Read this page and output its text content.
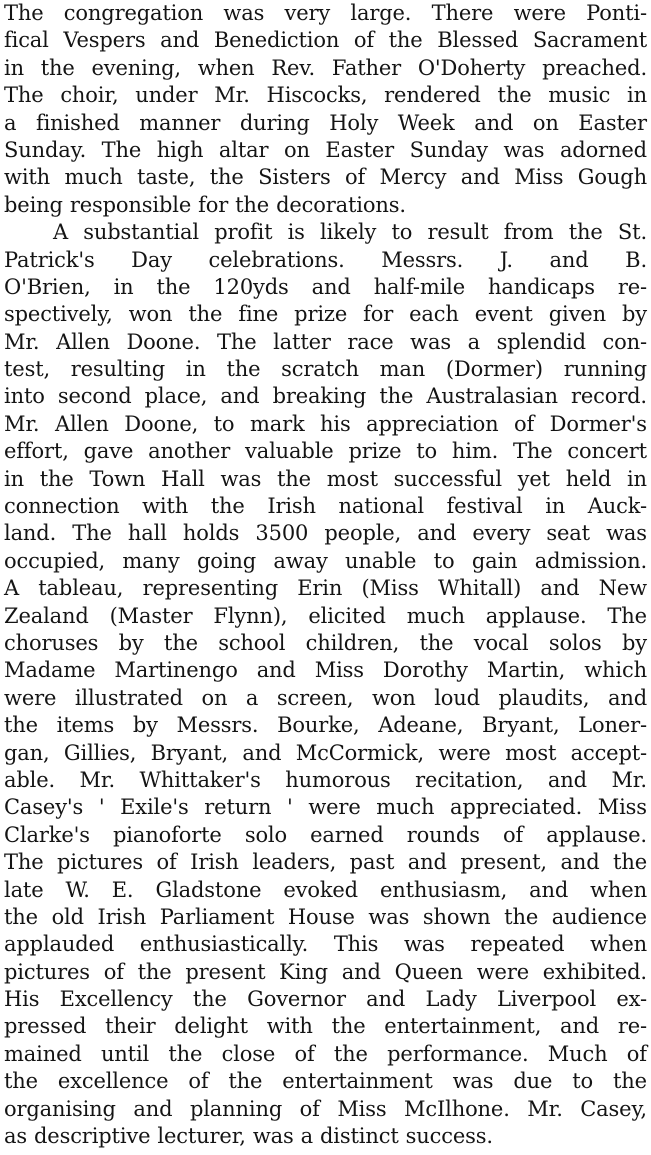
The congregation was very large. There were Ponti-
fical Vespers and Benediction of the Blessed Sacrament
in the evening, when Rev. Father O'Doherty preached.
The choir, under Mr. Hiscocks, rendered the music in
a finished manner during Holy Week and on Easter
Sunday. The high altar on Easter Sunday was adorned
with much taste, the Sisters of Mercy and Miss Gough
being responsible for the decorations.
A substantial profit is likely to result from the St.
Patrick's Day celebrations. Messrs. J. and B.
O'Brien, in the 120yds and half-mile handicaps re-
spectively, won the fine prize for each event given by
Mr. Allen Doone. The latter race was a splendid con-
test, resulting in the scratch man (Dormer) running
into second place, and breaking the Australasian record.
Mr. Allen Doone, to mark his appreciation of Dormer's
effort, gave another valuable prize to him. The concert
in the Town Hall was the most successful yet held in
connection with the Irish national festival in Auck-
land. The hall holds 3500 people, and every seat was
occupied, many going away unable to gain admission.
A tableau, representing Erin (Miss Whitall) and New
Zealand (Master Flynn), elicited much applause. The
choruses by the school children, the vocal solos by
Madame Martinengo and Miss Dorothy Martin, which
were illustrated on a screen, won loud plaudits, and
the items by Messrs. Bourke, Adeane, Bryant, Loner-
gan, Gillies, Bryant, and McCormick, were most accept-
able. Mr. Whittaker's humorous recitation, and Mr.
Casey's ' Exile's return ' were much appreciated. Miss
Clarke's pianoforte solo earned rounds of applause.
The pictures of Irish leaders, past and present, and the
late W. E. Gladstone evoked enthusiasm, and when
the old Irish Parliament House was shown the audience
applauded enthusiastically. This was repeated when
pictures of the present King and Queen were exhibited.
His Excellency the Governor and Lady Liverpool ex-
pressed their delight with the entertainment, and re-
mained until the close of the performance. Much of
the excellence of the entertainment was due to the
organising and planning of Miss McIlhone. Mr. Casey,
as descriptive lecturer, was a distinct success.
